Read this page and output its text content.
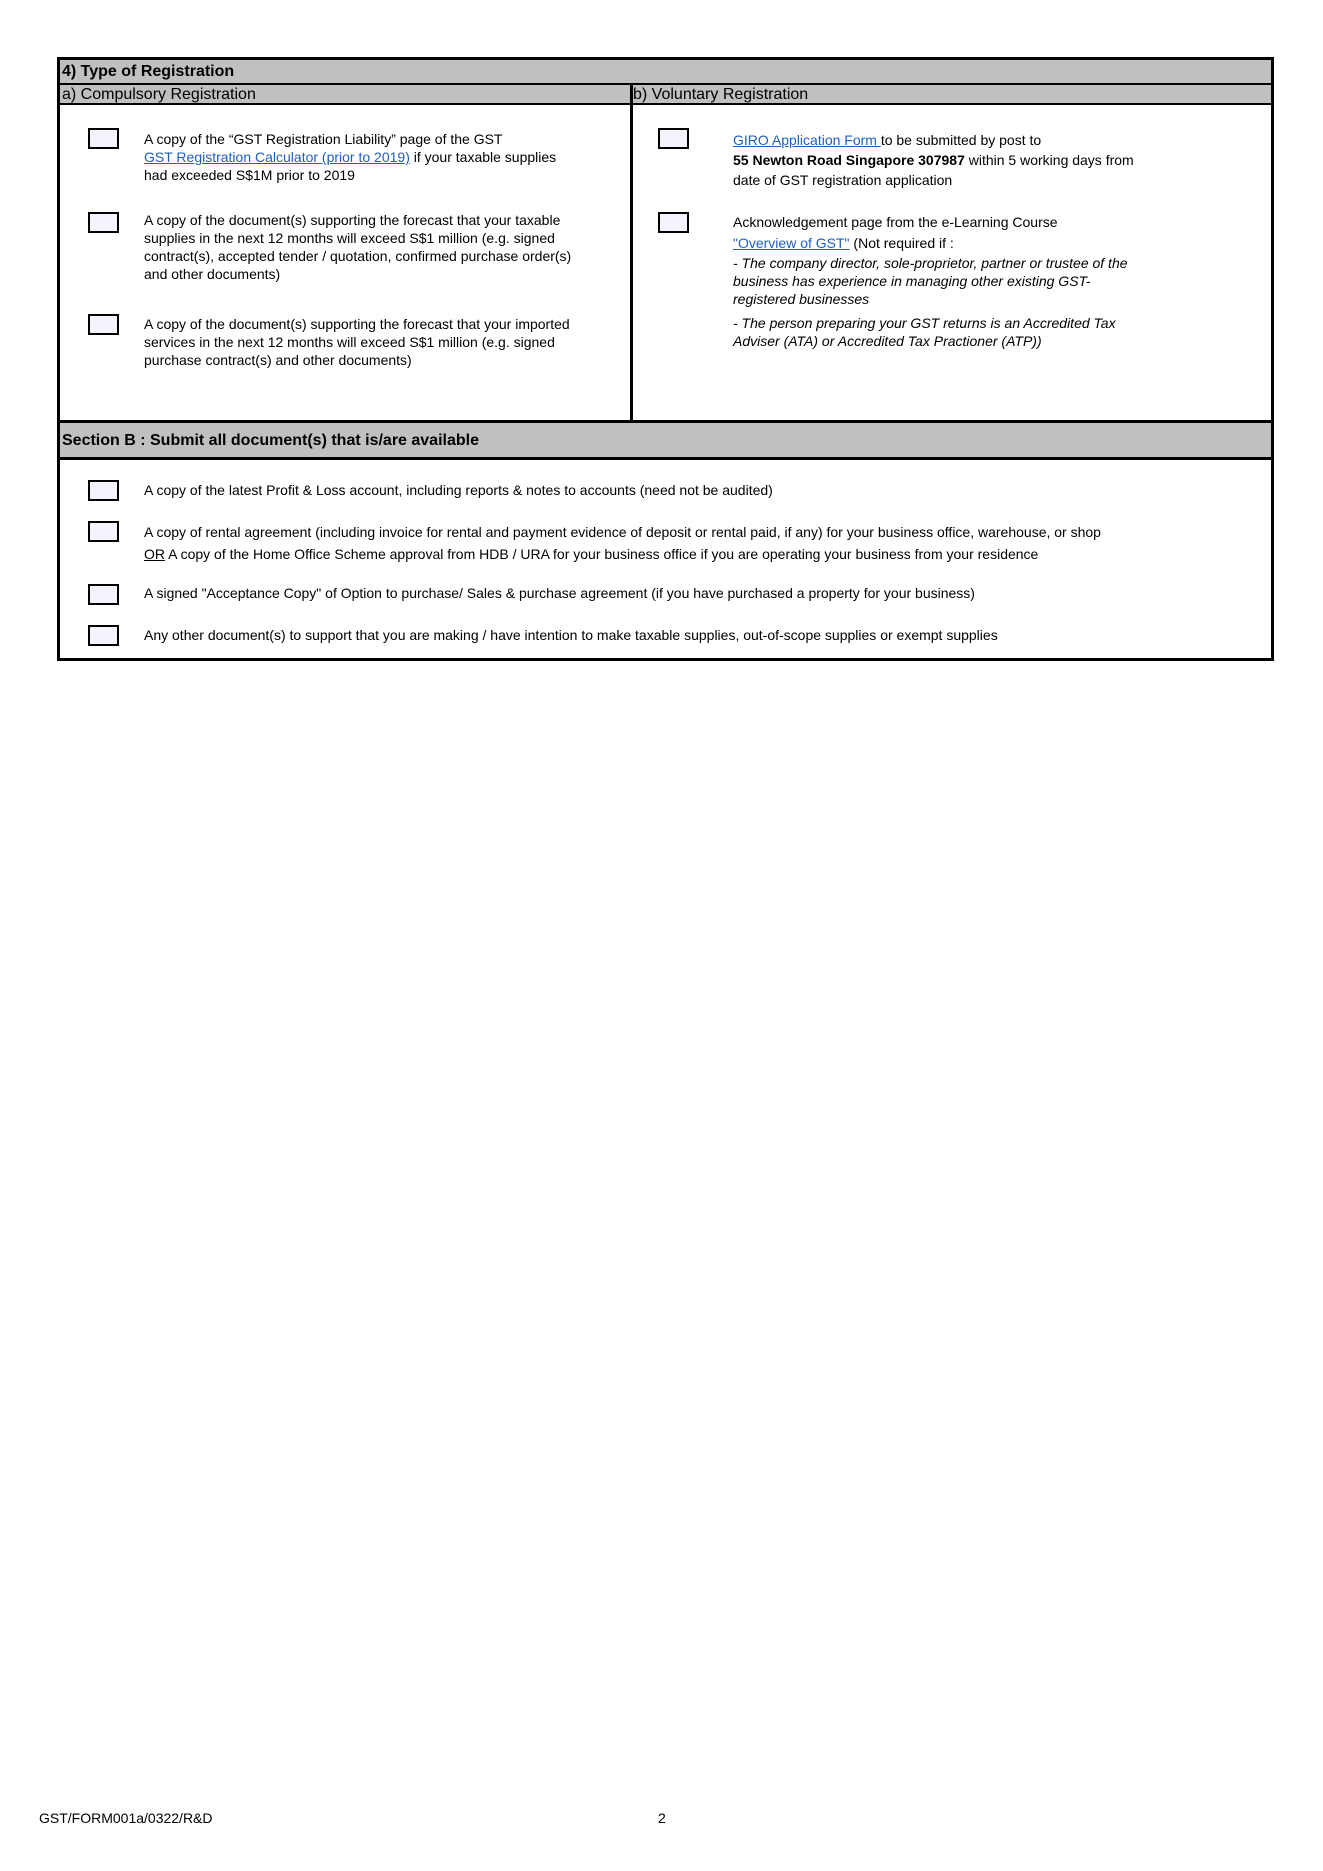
4) Type of Registration
a) Compulsory Registration	b) Voluntary Registration
A copy of the “GST Registration Liability” page of the GST
GST Registration Calculator (prior to 2019) if your taxable supplies
had exceeded S$1M prior to 2019
A copy of the document(s) supporting the forecast that your taxable
supplies in the next 12 months will exceed S$1 million (e.g. signed
contract(s), accepted tender / quotation, confirmed purchase order(s)
and other documents)
A copy of the document(s) supporting the forecast that your imported
services in the next 12 months will exceed S$1 million (e.g. signed
purchase contract(s) and other documents)
GIRO Application Form to be submitted by post to
55 Newton Road Singapore 307987 within 5 working days from
date of GST registration application
Acknowledgement page from the e-Learning Course
"Overview of GST" (Not required if :
- The company director, sole-proprietor, partner or trustee of the
business has experience in managing other existing GST-
registered businesses
- The person preparing your GST returns is an Accredited Tax
Adviser (ATA) or Accredited Tax Practioner (ATP))
Section B : Submit all document(s) that is/are available
A copy of the latest Profit & Loss account, including reports & notes to accounts (need not be audited)
A copy of rental agreement (including invoice for rental and payment evidence of deposit or rental paid, if any) for your business office, warehouse, or shop
OR A copy of the Home Office Scheme approval from HDB / URA for your business office if you are operating your business from your residence
A signed "Acceptance Copy" of Option to purchase/ Sales & purchase agreement (if you have purchased a property for your business)
Any other document(s) to support that you are making / have intention to make taxable supplies, out-of-scope supplies or exempt supplies
GST/FORM001a/0322/R&D	2
